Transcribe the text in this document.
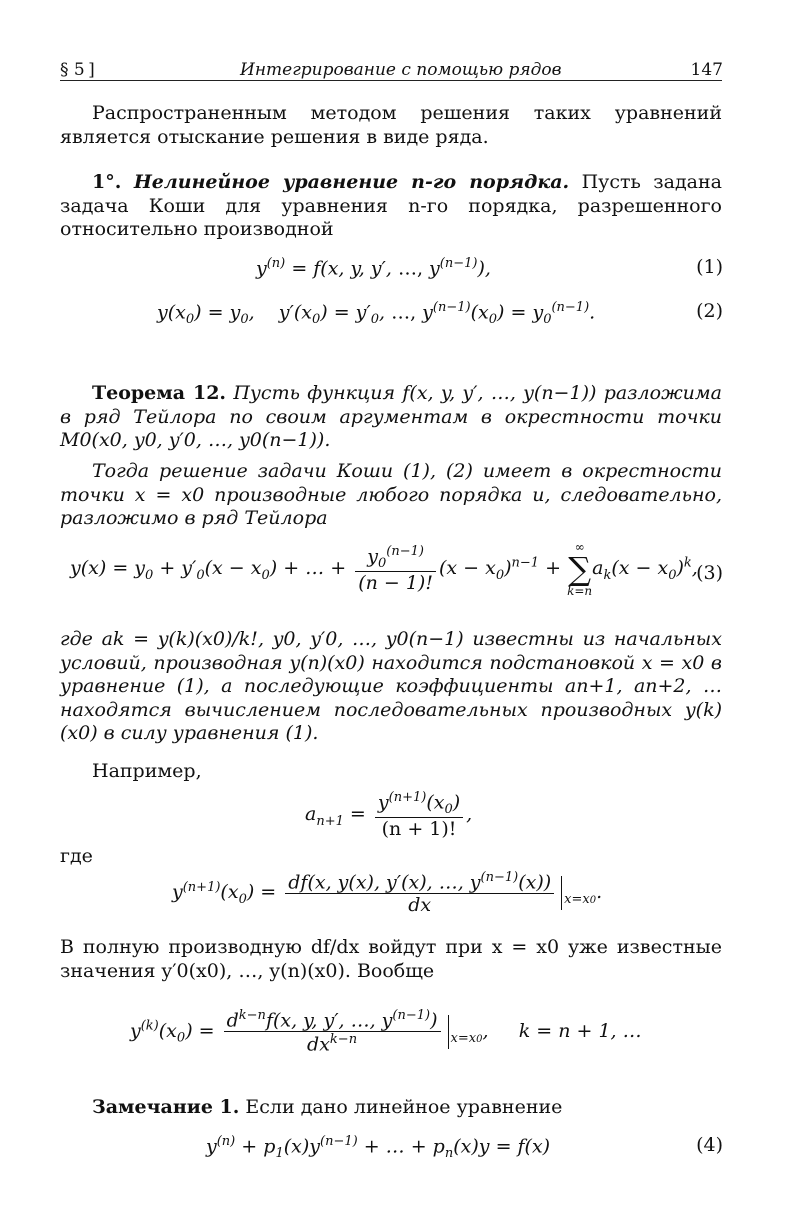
§ 5 ]	Интегрирование с помощью рядов	147
Распространенным методом решения таких уравнений является отыскание решения в виде ряда.
1°. Нелинейное уравнение n-го порядка. Пусть задана задача Коши для уравнения n-го порядка, разрешенного относительно производной
$y^{(n)} = f(x$, y, y′, …, $y^{(n-1)}$),	(1)
$y(x_0) = y_0$,    $y'(x_0) = y'_0$, …, $y^{(n-1)}(x_0) = y_0^{(n-1)}$.	(2)
Теорема 12. Пусть функция f(x, y, y′, …, y(n−1)) разложима в ряд Тейлора по своим аргументам в окрестности точки M0(x0, y0, y′0, …, y0(n−1)).
Тогда решение задачи Коши (1), (2) имеет в окрестности точки x = x0 производные любого порядка и, следовательно, разложимо в ряд Тейлора
$y(x) = y_0 + y'_0(x - x_0)$ + … + $\frac{y_0^{(n-1)}}{(n - 1)!} (x - x_0)^{n-1}$ +
∞
∑
k=n
$a_k(x - x_0)^k$,
(3)
где ak = y(k)(x0)/k!, y0, y′0, …, y0(n−1) известны из начальных условий, производная y(n)(x0) находится подстановкой x = x0 в уравнение (1), а последующие коэффициенты an+1, an+2, … находятся вычислением последовательных производных y(k)(x0) в силу уравнения (1).
Например,
$a_{n+1} = \frac{y^{(n+1)}(x_0)}{(n + 1)!}$ ,
где
$y^{(n+1)}(x_0) = \frac{df(x, y(x), y'(x), \dots, y^{(n-1)}(x))}{dx} _{x=x0}$.
В полную производную df/dx войдут при x = x0 уже известные значения y′0(x0), …, y(n)(x0). Вообще
$y^{(k)}(x_0) = \frac{d^{k-n}f(x, y, y', \dots, y^{(n-1)})}{dx^{k-n}} _{x=x0}$,     k = n + 1, …
Замечание 1. Если дано линейное уравнение
$y^{(n)} + p_1(x)y^{(n-1)}$ + … + $p_n(x)y = f(x)$	(4)
